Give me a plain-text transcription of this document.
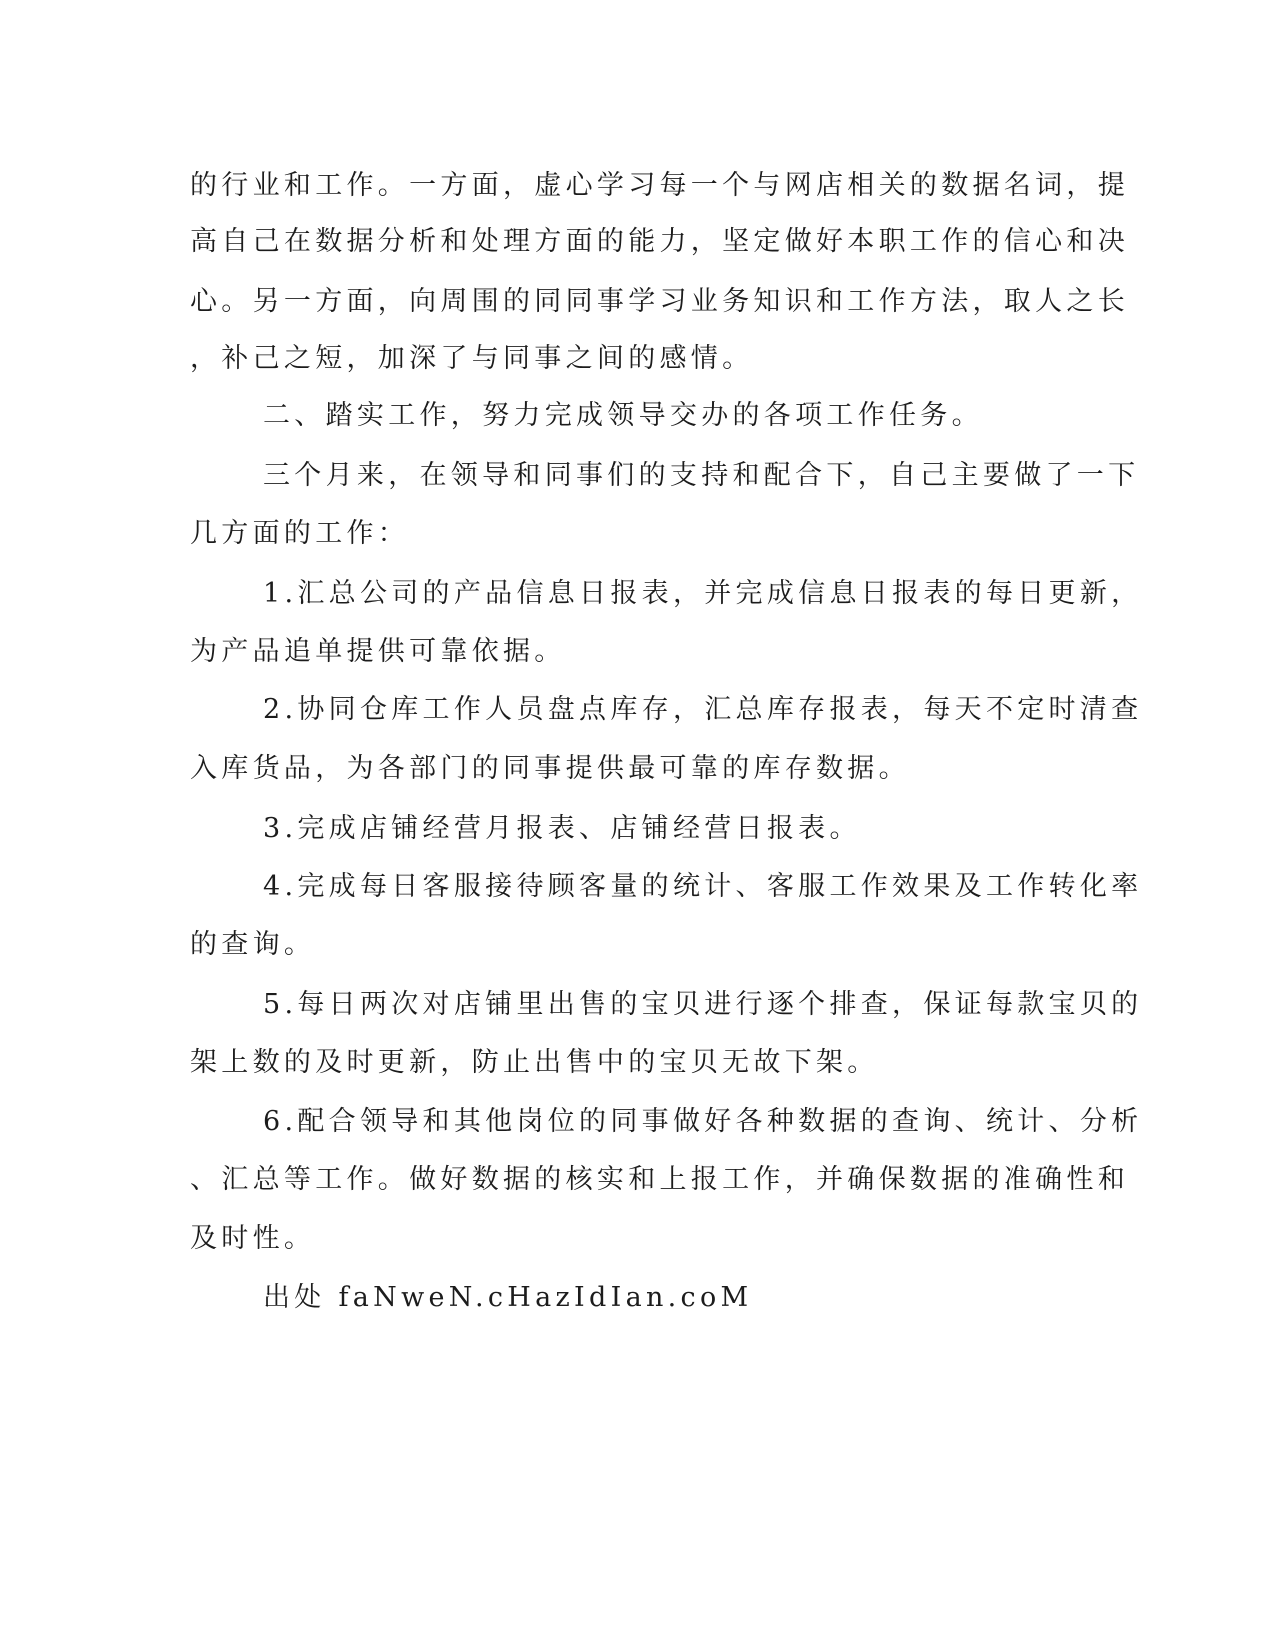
的行业和工作。一方面，虚心学习每一个与网店相关的数据名词，提
高自己在数据分析和处理方面的能力，坚定做好本职工作的信心和决
心。另一方面，向周围的同同事学习业务知识和工作方法，取人之长
，补己之短，加深了与同事之间的感情。
二、踏实工作，努力完成领导交办的各项工作任务。
三个月来，在领导和同事们的支持和配合下，自己主要做了一下
几方面的工作：
1.汇总公司的产品信息日报表，并完成信息日报表的每日更新，
为产品追单提供可靠依据。
2.协同仓库工作人员盘点库存，汇总库存报表，每天不定时清查
入库货品，为各部门的同事提供最可靠的库存数据。
3.完成店铺经营月报表、店铺经营日报表。
4.完成每日客服接待顾客量的统计、客服工作效果及工作转化率
的查询。
5.每日两次对店铺里出售的宝贝进行逐个排查，保证每款宝贝的
架上数的及时更新，防止出售中的宝贝无故下架。
6.配合领导和其他岗位的同事做好各种数据的查询、统计、分析
、汇总等工作。做好数据的核实和上报工作，并确保数据的准确性和
及时性。
出处 faNweN.cHazIdIan.coM
